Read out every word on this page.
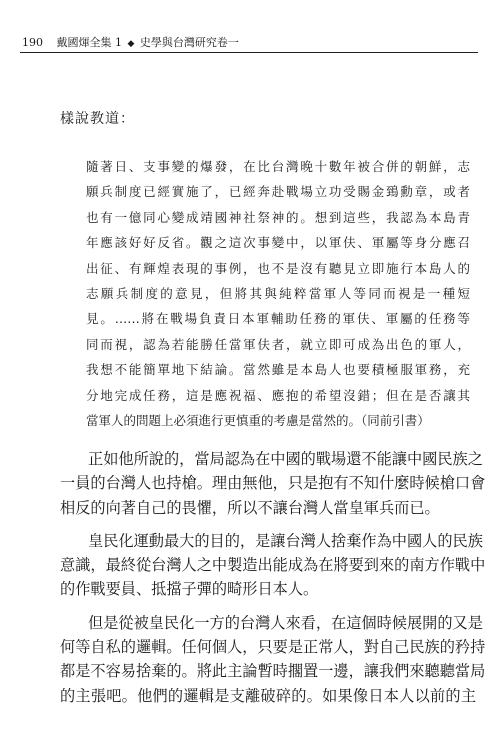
190 戴國煇全集 1 ◆ 史學與台灣研究卷一
樣說教道：
隨著日、支事變的爆發，在比台灣晚十數年被合併的朝鮮，志
願兵制度已經實施了，已經奔赴戰場立功受賜金鵄勳章，或者
也有一億同心變成靖國神社祭神的。想到這些，我認為本島青
年應該好好反省。觀之這次事變中，以軍伕、軍屬等身分應召
出征、有輝煌表現的事例，也不是沒有聽見立即施行本島人的
志願兵制度的意見，但將其與純粹當軍人等同而視是一種短
見。……將在戰場負責日本軍輔助任務的軍伕、軍屬的任務等
同而視，認為若能勝任當軍伕者，就立即可成為出色的軍人，
我想不能簡單地下結論。當然雖是本島人也要積極服軍務，充
分地完成任務，這是應祝福、應抱的希望沒錯；但在是否讓其
當軍人的問題上必須進行更慎重的考慮是當然的。（同前引書）
正如他所說的，當局認為在中國的戰場還不能讓中國民族之
一員的台灣人也持槍。理由無他，只是抱有不知什麼時候槍口會
相反的向著自己的畏懼，所以不讓台灣人當皇軍兵而已。
皇民化運動最大的目的，是讓台灣人捨棄作為中國人的民族
意識，最終從台灣人之中製造出能成為在將要到來的南方作戰中
的作戰要員、抵擋子彈的畸形日本人。
但是從被皇民化一方的台灣人來看，在這個時候展開的又是
何等自私的邏輯。任何個人，只要是正常人，對自己民族的矜持
都是不容易捨棄的。將此主論暫時擱置一邊，讓我們來聽聽當局
的主張吧。他們的邏輯是支離破碎的。如果像日本人以前的主
